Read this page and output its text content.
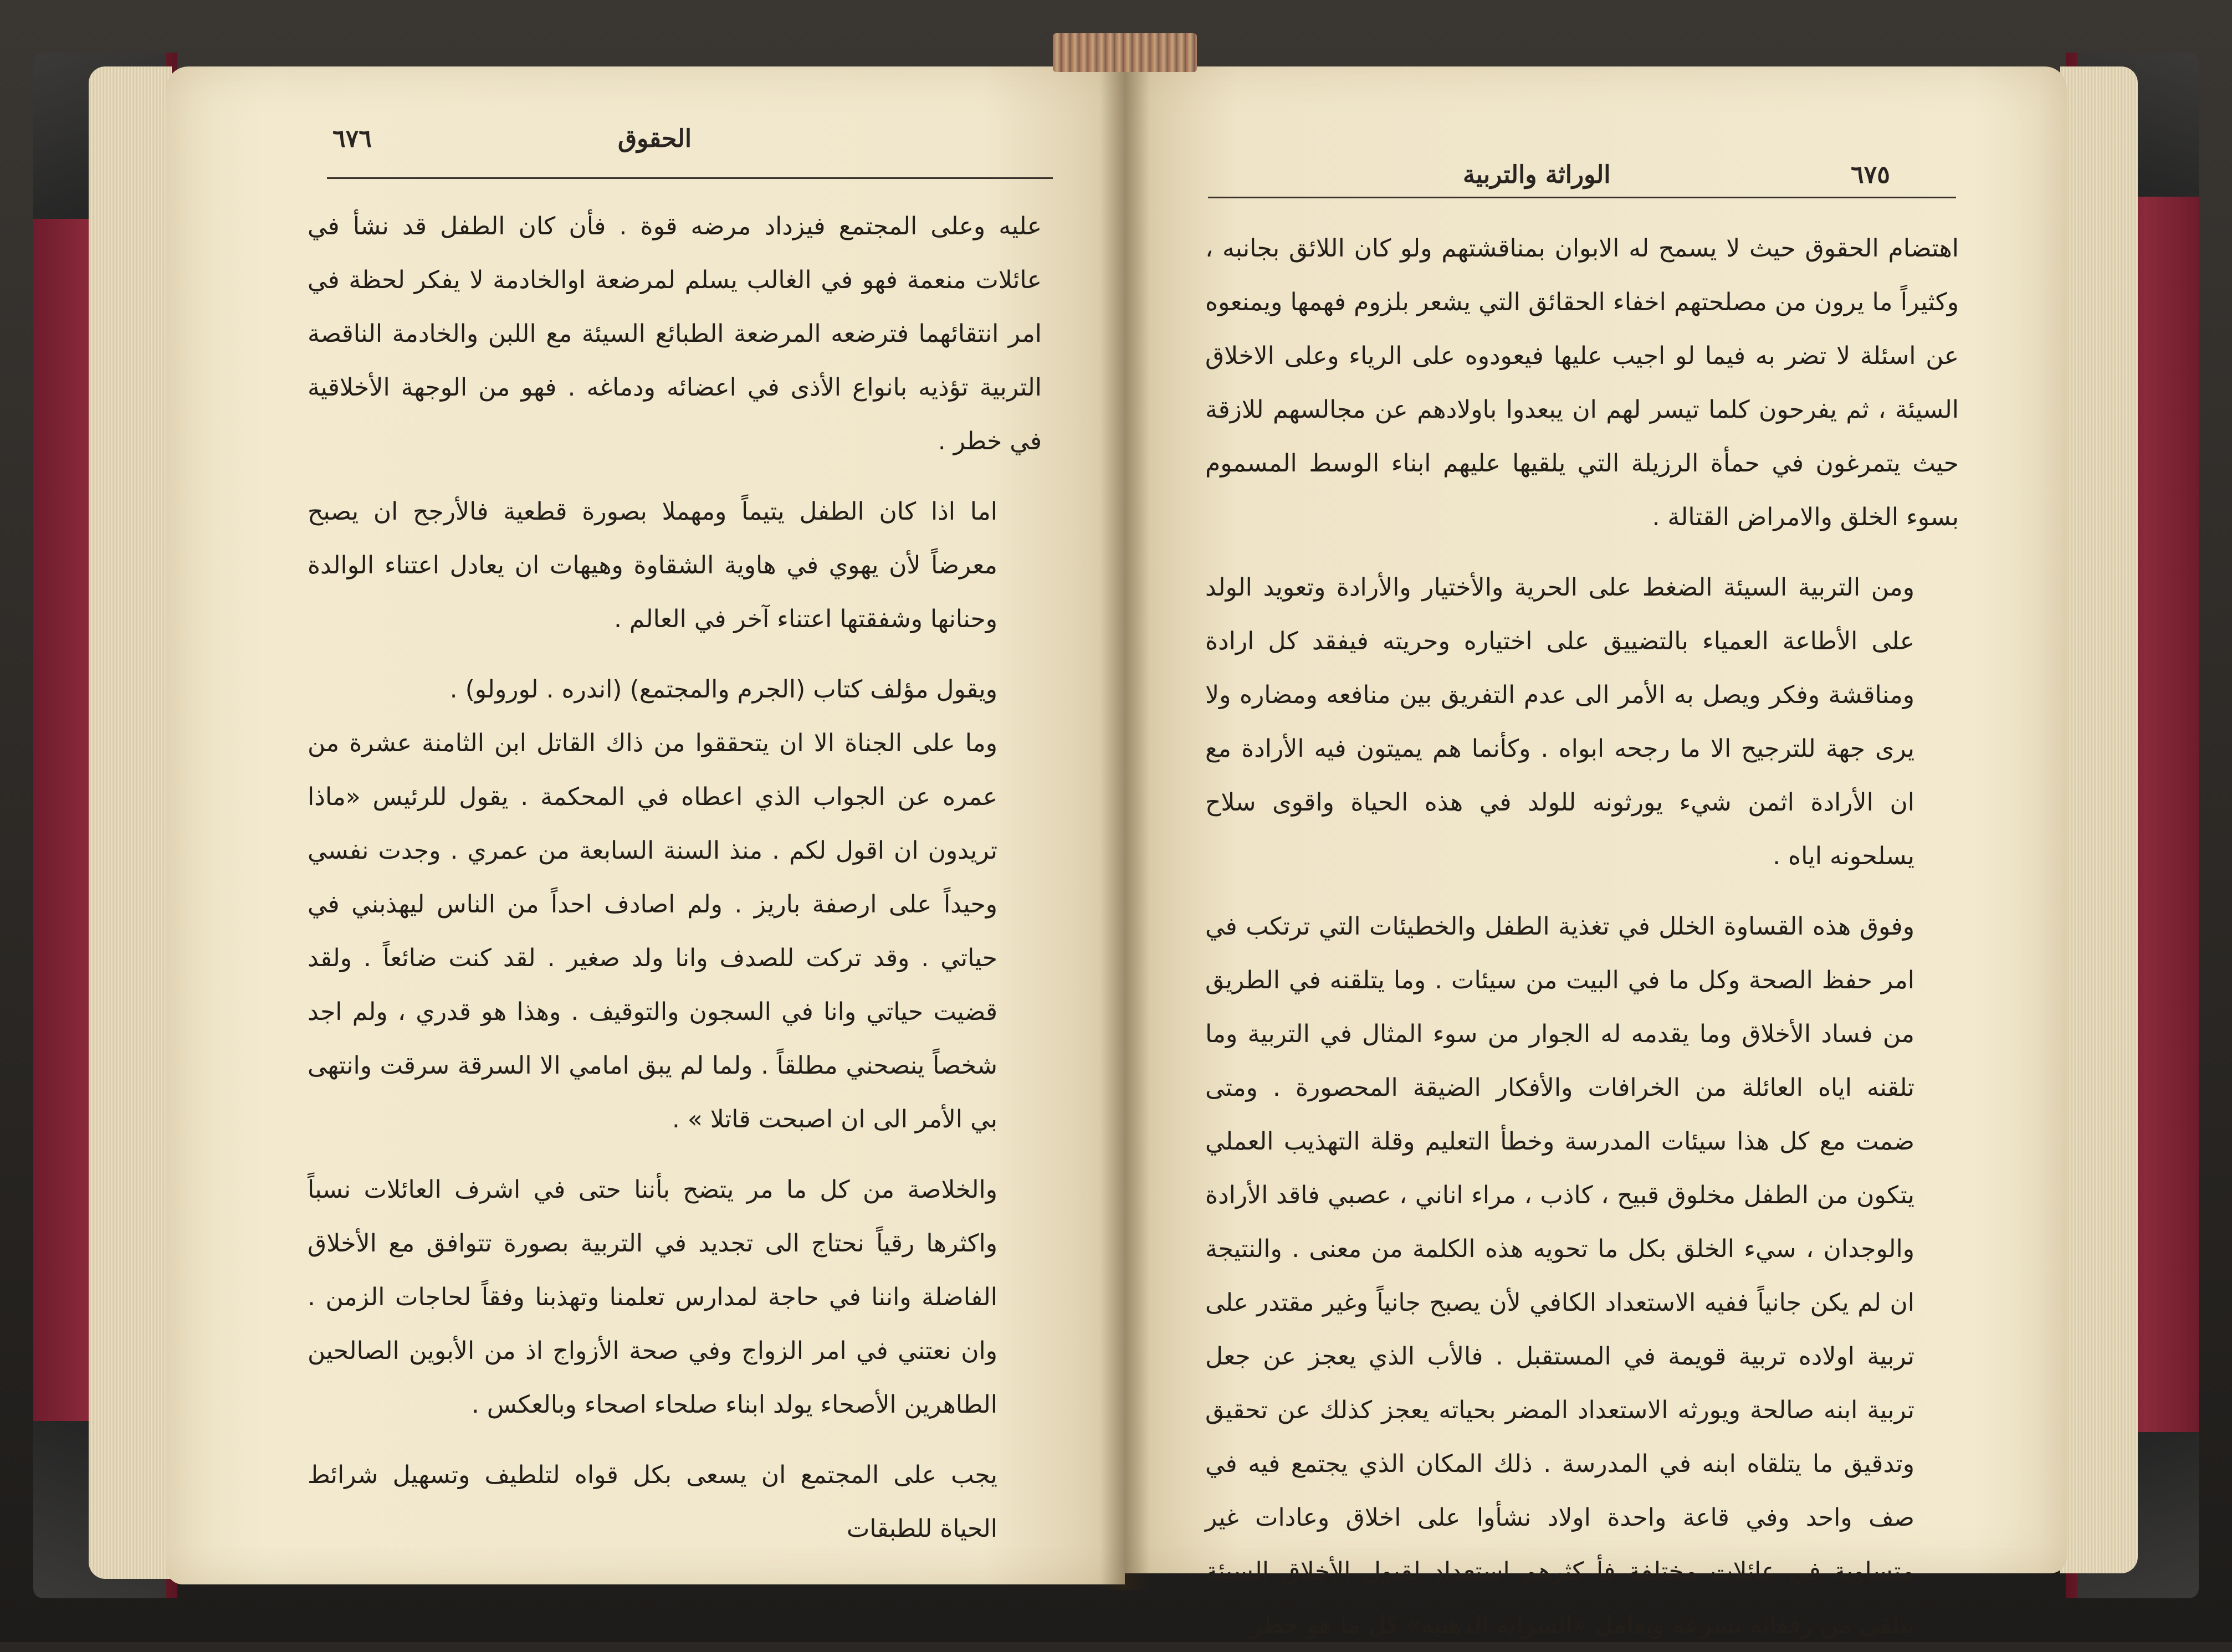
٦٧٦	الحقوق
الوراثة والتربية	٦٧٥

عليه وعلى المجتمع فيزداد مرضه قوة . فأن كان الطفل قد نشأ في عائلات منعمة فهو في الغالب يسلم لمرضعة اوالخادمة لا يفكر لحظة في امر انتقائهما فترضعه المرضعة الطبائع السيئة مع اللبن والخادمة الناقصة التربية تؤذيه بانواع الأذى في اعضائه ودماغه . فهو من الوجهة الأخلاقية في خطر .

اما اذا كان الطفل يتيماً ومهملا بصورة قطعية فالأرجح ان يصبح معرضاً لأن يهوي في هاوية الشقاوة وهيهات ان يعادل اعتناء الوالدة وحنانها وشفقتها اعتناء آخر في العالم .

ويقول مؤلف كتاب (الجرم والمجتمع) (اندره . لورولو) .

وما على الجناة الا ان يتحققوا من ذاك القاتل ابن الثامنة عشرة من عمره عن الجواب الذي اعطاه في المحكمة . يقول للرئيس «ماذا تريدون ان اقول لكم . منذ السنة السابعة من عمري . وجدت نفسي وحيداً على ارصفة باريز . ولم اصادف احداً من الناس ليهذبني في حياتي . وقد تركت للصدف وانا ولد صغير . لقد كنت ضائعاً . ولقد قضيت حياتي وانا في السجون والتوقيف . وهذا هو قدري ، ولم اجد شخصاً ينصحني مطلقاً . ولما لم يبق امامي الا السرقة سرقت وانتهى بي الأمر الى ان اصبحت قاتلا » .

والخلاصة من كل ما مر يتضح بأننا حتى في اشرف العائلات نسباً واكثرها رقياً نحتاج الى تجديد في التربية بصورة تتوافق مع الأخلاق الفاضلة واننا في حاجة لمدارس تعلمنا وتهذبنا وفقاً لحاجات الزمن . وان نعتني في امر الزواج وفي صحة الأزواج اذ من الأبوين الصالحين الطاهرين الأصحاء يولد ابناء صلحاء اصحاء وبالعكس .

يجب على المجتمع ان يسعى بكل قواه لتلطيف وتسهيل شرائط الحياة للطبقات

اهتضام الحقوق حيث لا يسمح له الابوان بمناقشتهم ولو كان اللائق بجانبه ، وكثيراً ما يرون من مصلحتهم اخفاء الحقائق التي يشعر بلزوم فهمها ويمنعوه عن اسئلة لا تضر به فيما لو اجيب عليها فيعودوه على الرياء وعلى الاخلاق السيئة ، ثم يفرحون كلما تيسر لهم ان يبعدوا باولادهم عن مجالسهم للازقة حيث يتمرغون في حمأة الرزيلة التي يلقيها عليهم ابناء الوسط المسموم بسوء الخلق والامراض القتالة .

ومن التربية السيئة الضغط على الحرية والأختيار والأرادة وتعويد الولد على الأطاعة العمياء بالتضييق على اختياره وحريته فيفقد كل ارادة ومناقشة وفكر ويصل به الأمر الى عدم التفريق بين منافعه ومضاره ولا يرى جهة للترجيح الا ما رجحه ابواه . وكأنما هم يميتون فيه الأرادة مع ان الأرادة اثمن شيء يورثونه للولد في هذه الحياة واقوى سلاح يسلحونه اياه .

وفوق هذه القساوة الخلل في تغذية الطفل والخطيئات التي ترتكب في امر حفظ الصحة وكل ما في البيت من سيئات . وما يتلقنه في الطريق من فساد الأخلاق وما يقدمه له الجوار من سوء المثال في التربية وما تلقنه اياه العائلة من الخرافات والأفكار الضيقة المحصورة . ومتى ضمت مع كل هذا سيئات المدرسة وخطأ التعليم وقلة التهذيب العملي يتكون من الطفل مخلوق قبيح ، كاذب ، مراء اناني ، عصبي فاقد الأرادة والوجدان ، سيء الخلق بكل ما تحويه هذه الكلمة من معنى . والنتيجة ان لم يكن جانياً ففيه الاستعداد الكافي لأن يصبح جانياً وغير مقتدر على تربية اولاده تربية قويمة في المستقبل . فالأب الذي يعجز عن جعل تربية ابنه صالحة ويورثه الاستعداد المضر بحياته يعجز كذلك عن تحقيق وتدقيق ما يتلقاه ابنه في المدرسة . ذلك المكان الذي يجتمع فيه في صف واحد وفي قاعة واحدة اولاد نشأوا على اخلاق وعادات غير متساوية في عائلات مختلفة فأ كثرهم استعداد لقبول الأخلاق السيئة يتلقى من رفقائه بسرعة ويعامل «السراية الذهنية» كل ما هو خطر
